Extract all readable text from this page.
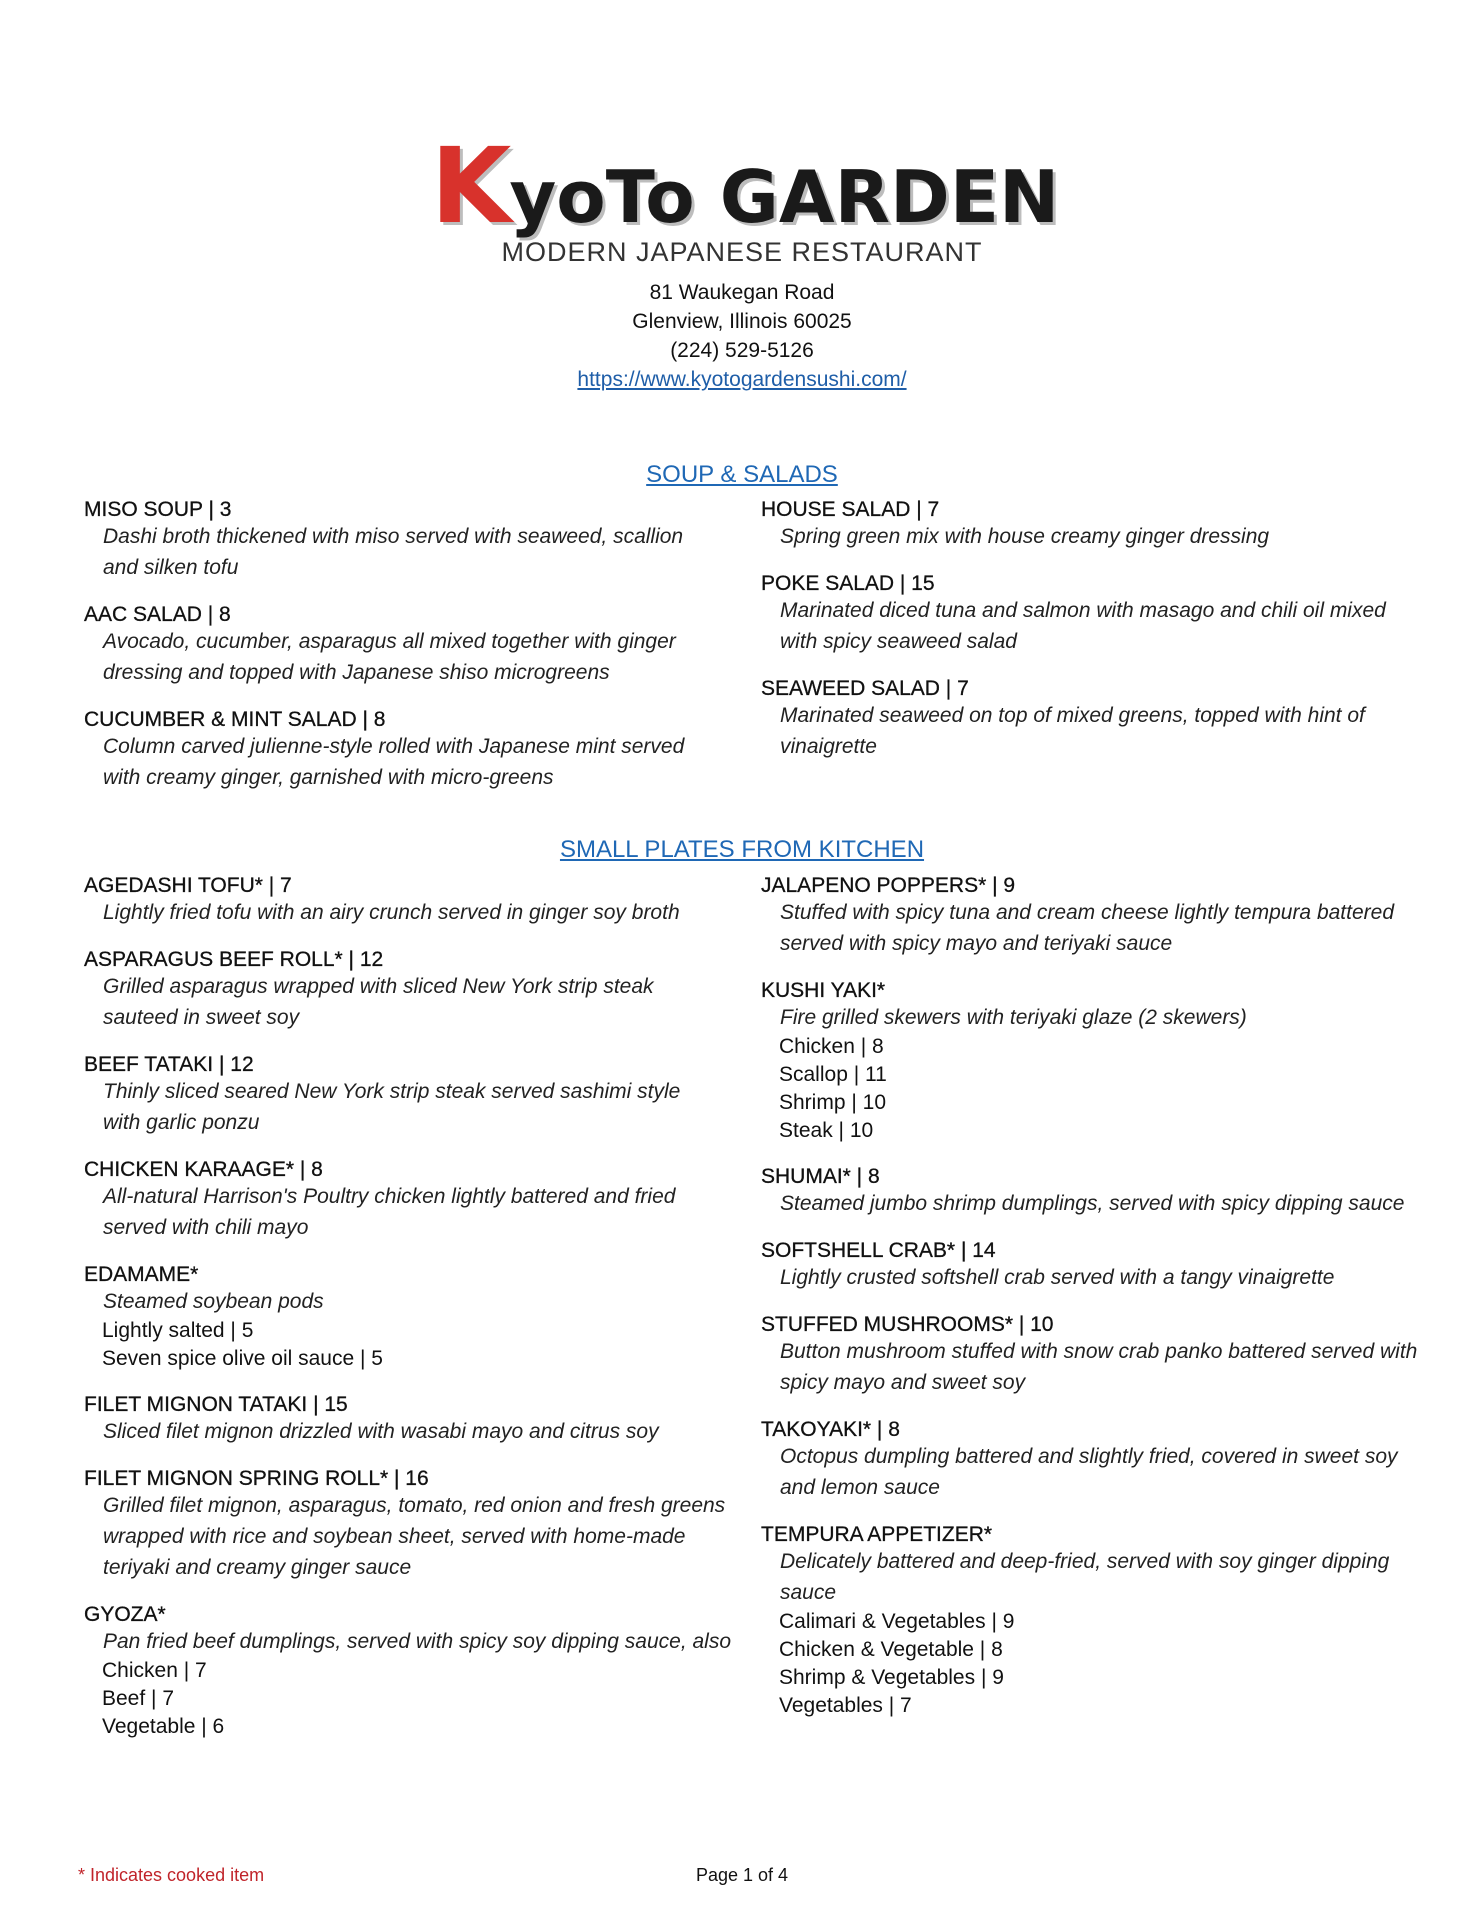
KyoTo GARDEN
MODERN JAPANESE RESTAURANT
81 Waukegan Road
Glenview, Illinois 60025
(224) 529-5126
https://www.kyotogardensushi.com/
SOUP & SALADS
MISO SOUP | 3
Dashi broth thickened with miso served with seaweed, scallion and silken tofu
AAC SALAD | 8
Avocado, cucumber, asparagus all mixed together with ginger dressing and topped with Japanese shiso microgreens
CUCUMBER & MINT SALAD | 8
Column carved julienne-style rolled with Japanese mint served with creamy ginger, garnished with micro-greens
HOUSE SALAD | 7
Spring green mix with house creamy ginger dressing
POKE SALAD | 15
Marinated diced tuna and salmon with masago and chili oil mixed with spicy seaweed salad
SEAWEED SALAD | 7
Marinated seaweed on top of mixed greens, topped with hint of vinaigrette
SMALL PLATES FROM KITCHEN
AGEDASHI TOFU* | 7
Lightly fried tofu with an airy crunch served in ginger soy broth
ASPARAGUS BEEF ROLL* | 12
Grilled asparagus wrapped with sliced New York strip steak sauteed in sweet soy
BEEF TATAKI | 12
Thinly sliced seared New York strip steak served sashimi style with garlic ponzu
CHICKEN KARAAGE* | 8
All-natural Harrison's Poultry chicken lightly battered and fried served with chili mayo
EDAMAME*
Steamed soybean pods
Lightly salted | 5
Seven spice olive oil sauce | 5
FILET MIGNON TATAKI | 15
Sliced filet mignon drizzled with wasabi mayo and citrus soy
FILET MIGNON SPRING ROLL* | 16
Grilled filet mignon, asparagus, tomato, red onion and fresh greens wrapped with rice and soybean sheet, served with home-made teriyaki and creamy ginger sauce
GYOZA*
Pan fried beef dumplings, served with spicy soy dipping sauce, also
Chicken | 7
Beef | 7
Vegetable | 6
JALAPENO POPPERS* | 9
Stuffed with spicy tuna and cream cheese lightly tempura battered served with spicy mayo and teriyaki sauce
KUSHI YAKI*
Fire grilled skewers with teriyaki glaze (2 skewers)
Chicken | 8
Scallop | 11
Shrimp | 10
Steak | 10
SHUMAI* | 8
Steamed jumbo shrimp dumplings, served with spicy dipping sauce
SOFTSHELL CRAB* | 14
Lightly crusted softshell crab served with a tangy vinaigrette
STUFFED MUSHROOMS* | 10
Button mushroom stuffed with snow crab panko battered served with spicy mayo and sweet soy
TAKOYAKI* | 8
Octopus dumpling battered and slightly fried, covered in sweet soy and lemon sauce
TEMPURA APPETIZER*
Delicately battered and deep-fried, served with soy ginger dipping sauce
Calimari & Vegetables | 9
Chicken & Vegetable | 8
Shrimp & Vegetables | 9
Vegetables | 7
* Indicates cooked item	Page 1 of 4
